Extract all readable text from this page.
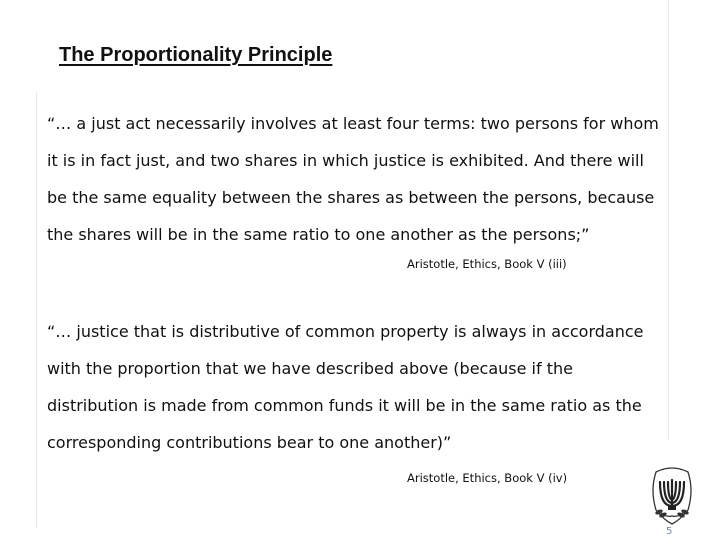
The Proportionality Principle
“… a just act necessarily involves at least four terms: two persons for whom
it is in fact just, and two shares in which justice is exhibited. And there will
be the same equality between the shares as between the persons, because
the shares will be in the same ratio to one another as the persons;”
Aristotle, Ethics, Book V (iii)
“… justice that is distributive of common property is always in accordance
with the proportion that we have described above (because if the
distribution is made from common funds it will be in the same ratio as the
corresponding contributions bear to one another)”
Aristotle, Ethics, Book V (iv)
5
